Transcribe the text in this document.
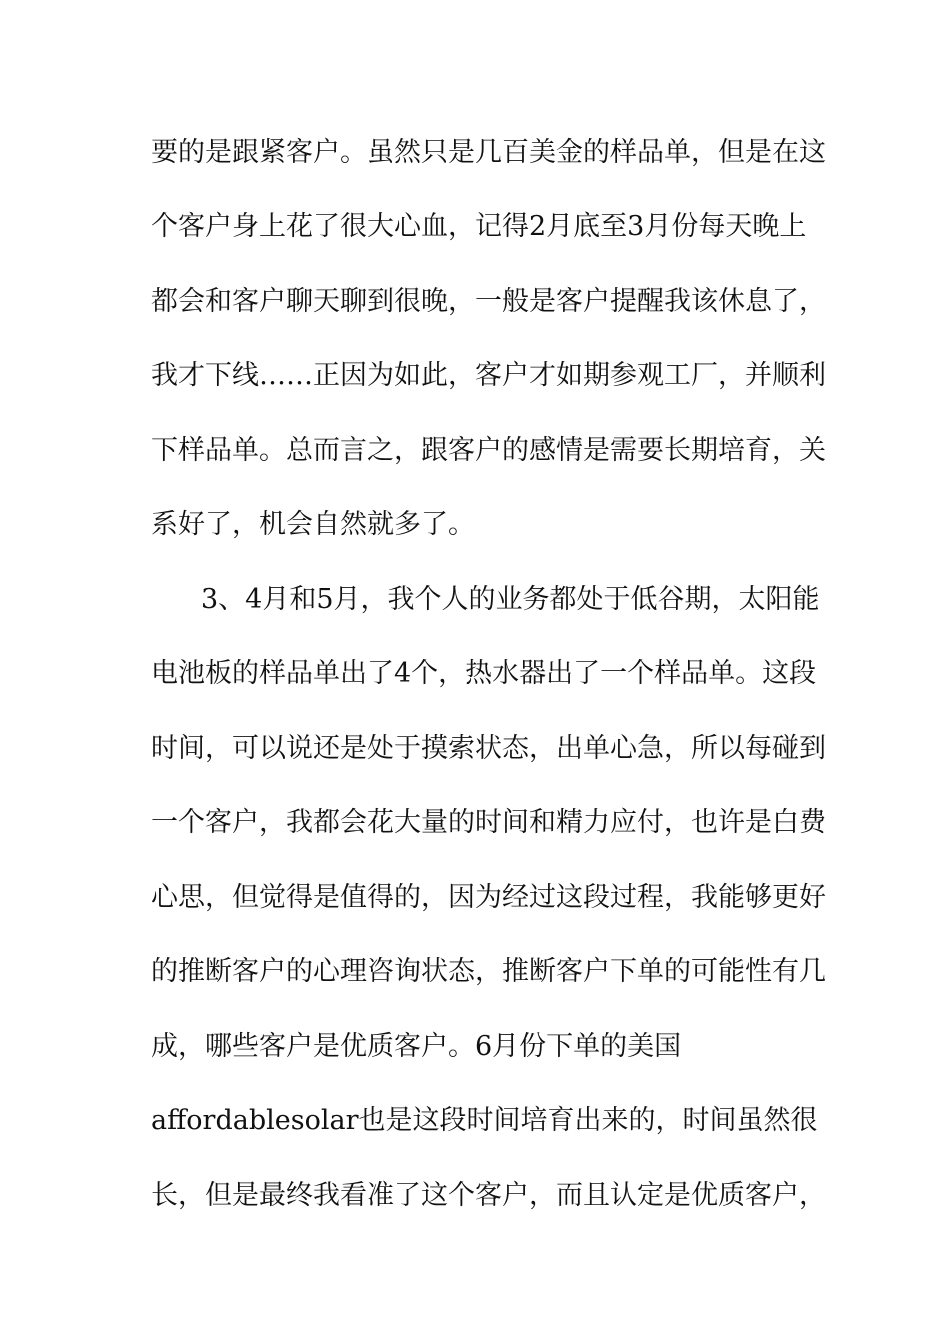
要的是跟紧客户。虽然只是几百美金的样品单，但是在这
个客户身上花了很大心血，记得2月底至3月份每天晚上
都会和客户聊天聊到很晚，一般是客户提醒我该休息了，
我才下线……正因为如此，客户才如期参观工厂，并顺利
下样品单。总而言之，跟客户的感情是需要长期培育，关
系好了，机会自然就多了。
3、4月和5月，我个人的业务都处于低谷期，太阳能
电池板的样品单出了4个，热水器出了一个样品单。这段
时间，可以说还是处于摸索状态，出单心急，所以每碰到
一个客户，我都会花大量的时间和精力应付，也许是白费
心思，但觉得是值得的，因为经过这段过程，我能够更好
的推断客户的心理咨询状态，推断客户下单的可能性有几
成，哪些客户是优质客户。6月份下单的美国
affordablesolar也是这段时间培育出来的，时间虽然很
长，但是最终我看准了这个客户，而且认定是优质客户，
